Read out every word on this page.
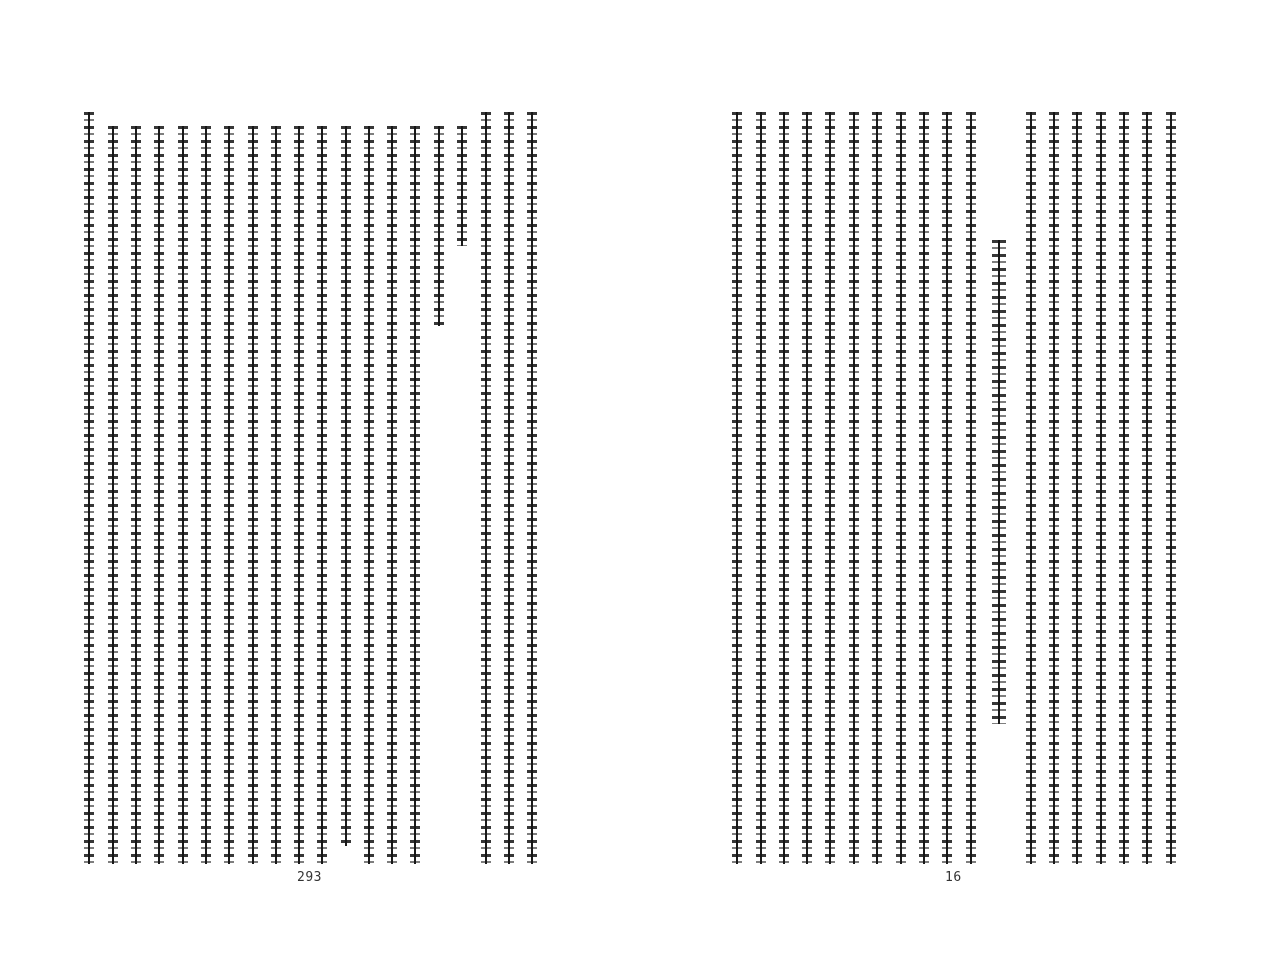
293	16
